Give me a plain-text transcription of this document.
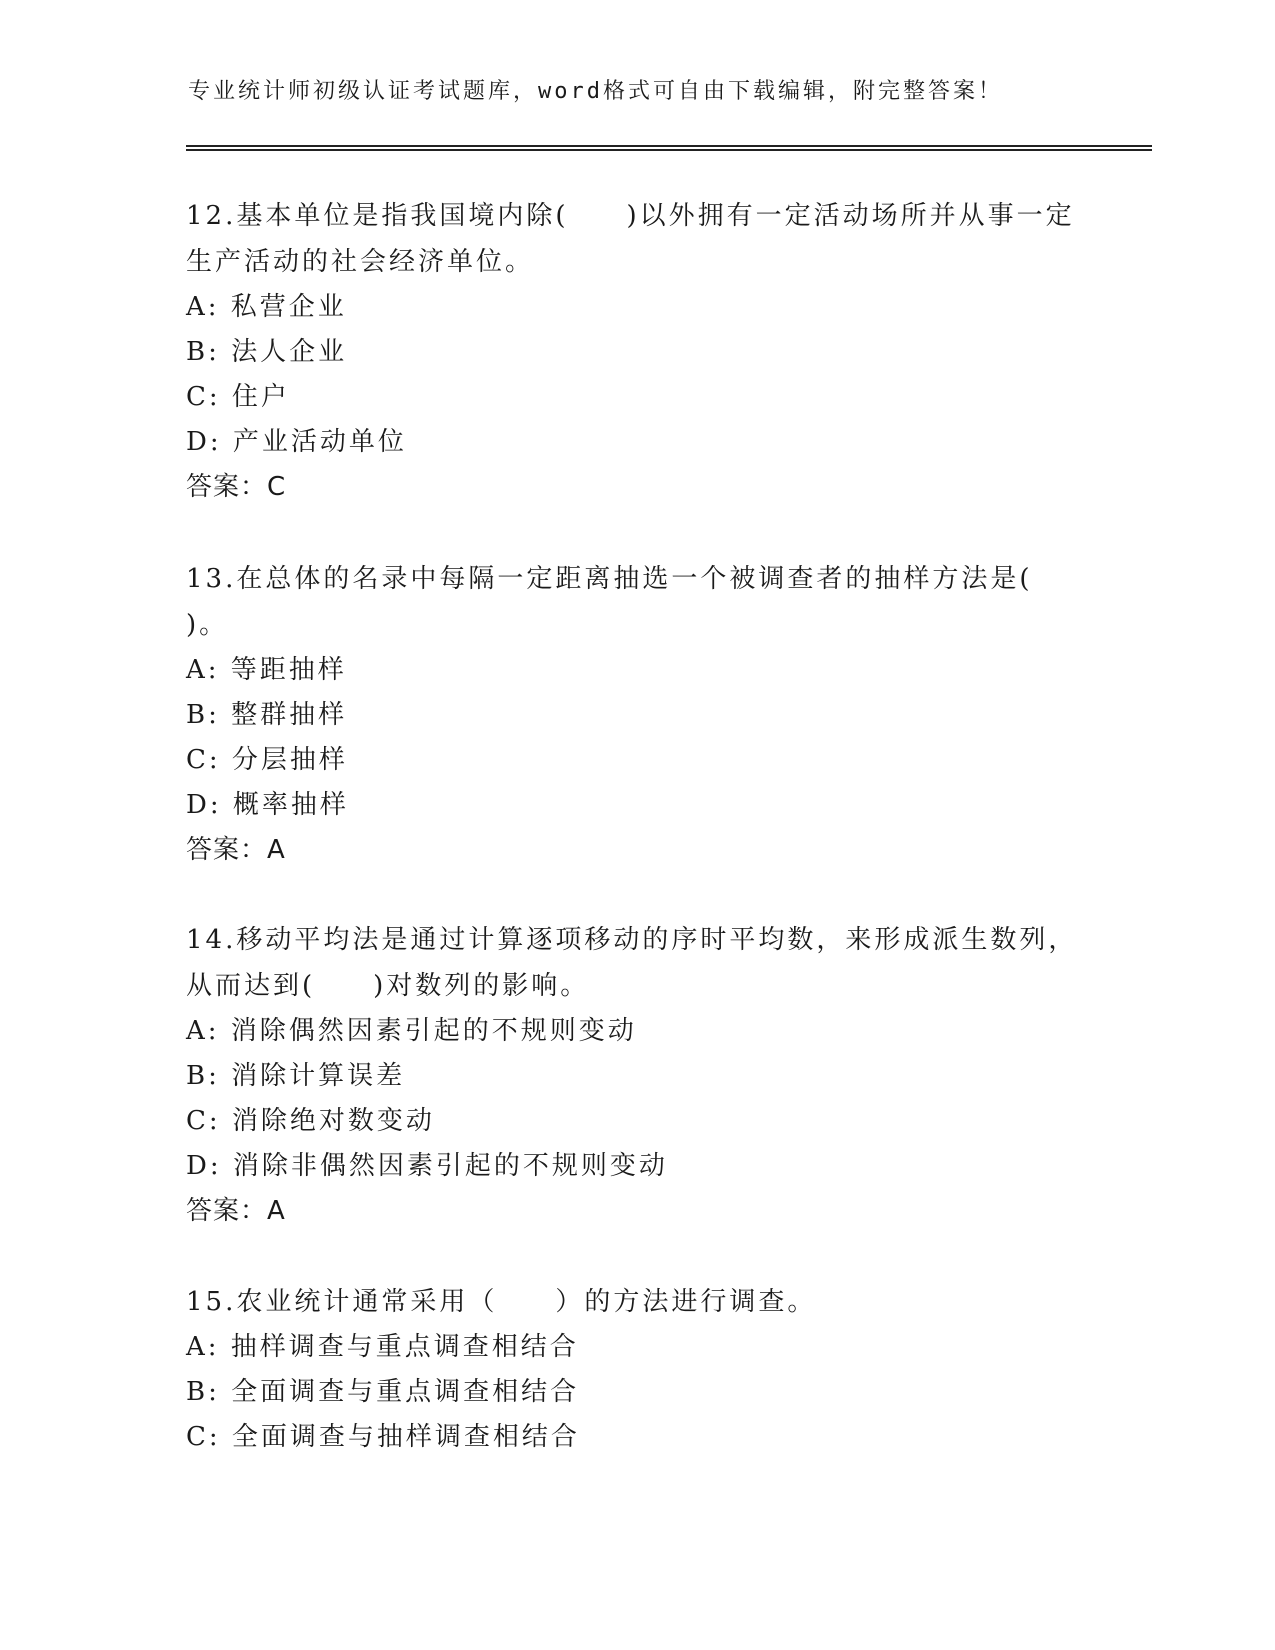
专业统计师初级认证考试题库，word格式可自由下载编辑，附完整答案！
12.基本单位是指我国境内除(　　)以外拥有一定活动场所并从事一定
生产活动的社会经济单位。
A: 私营企业
B: 法人企业
C: 住户
D: 产业活动单位
答案：C
13.在总体的名录中每隔一定距离抽选一个被调查者的抽样方法是(
)。
A: 等距抽样
B: 整群抽样
C: 分层抽样
D: 概率抽样
答案：A
14.移动平均法是通过计算逐项移动的序时平均数，来形成派生数列，
从而达到(　　)对数列的影响。
A: 消除偶然因素引起的不规则变动
B: 消除计算误差
C: 消除绝对数变动
D: 消除非偶然因素引起的不规则变动
答案：A
15.农业统计通常采用（　　）的方法进行调查。
A: 抽样调查与重点调查相结合
B: 全面调查与重点调查相结合
C: 全面调查与抽样调查相结合
